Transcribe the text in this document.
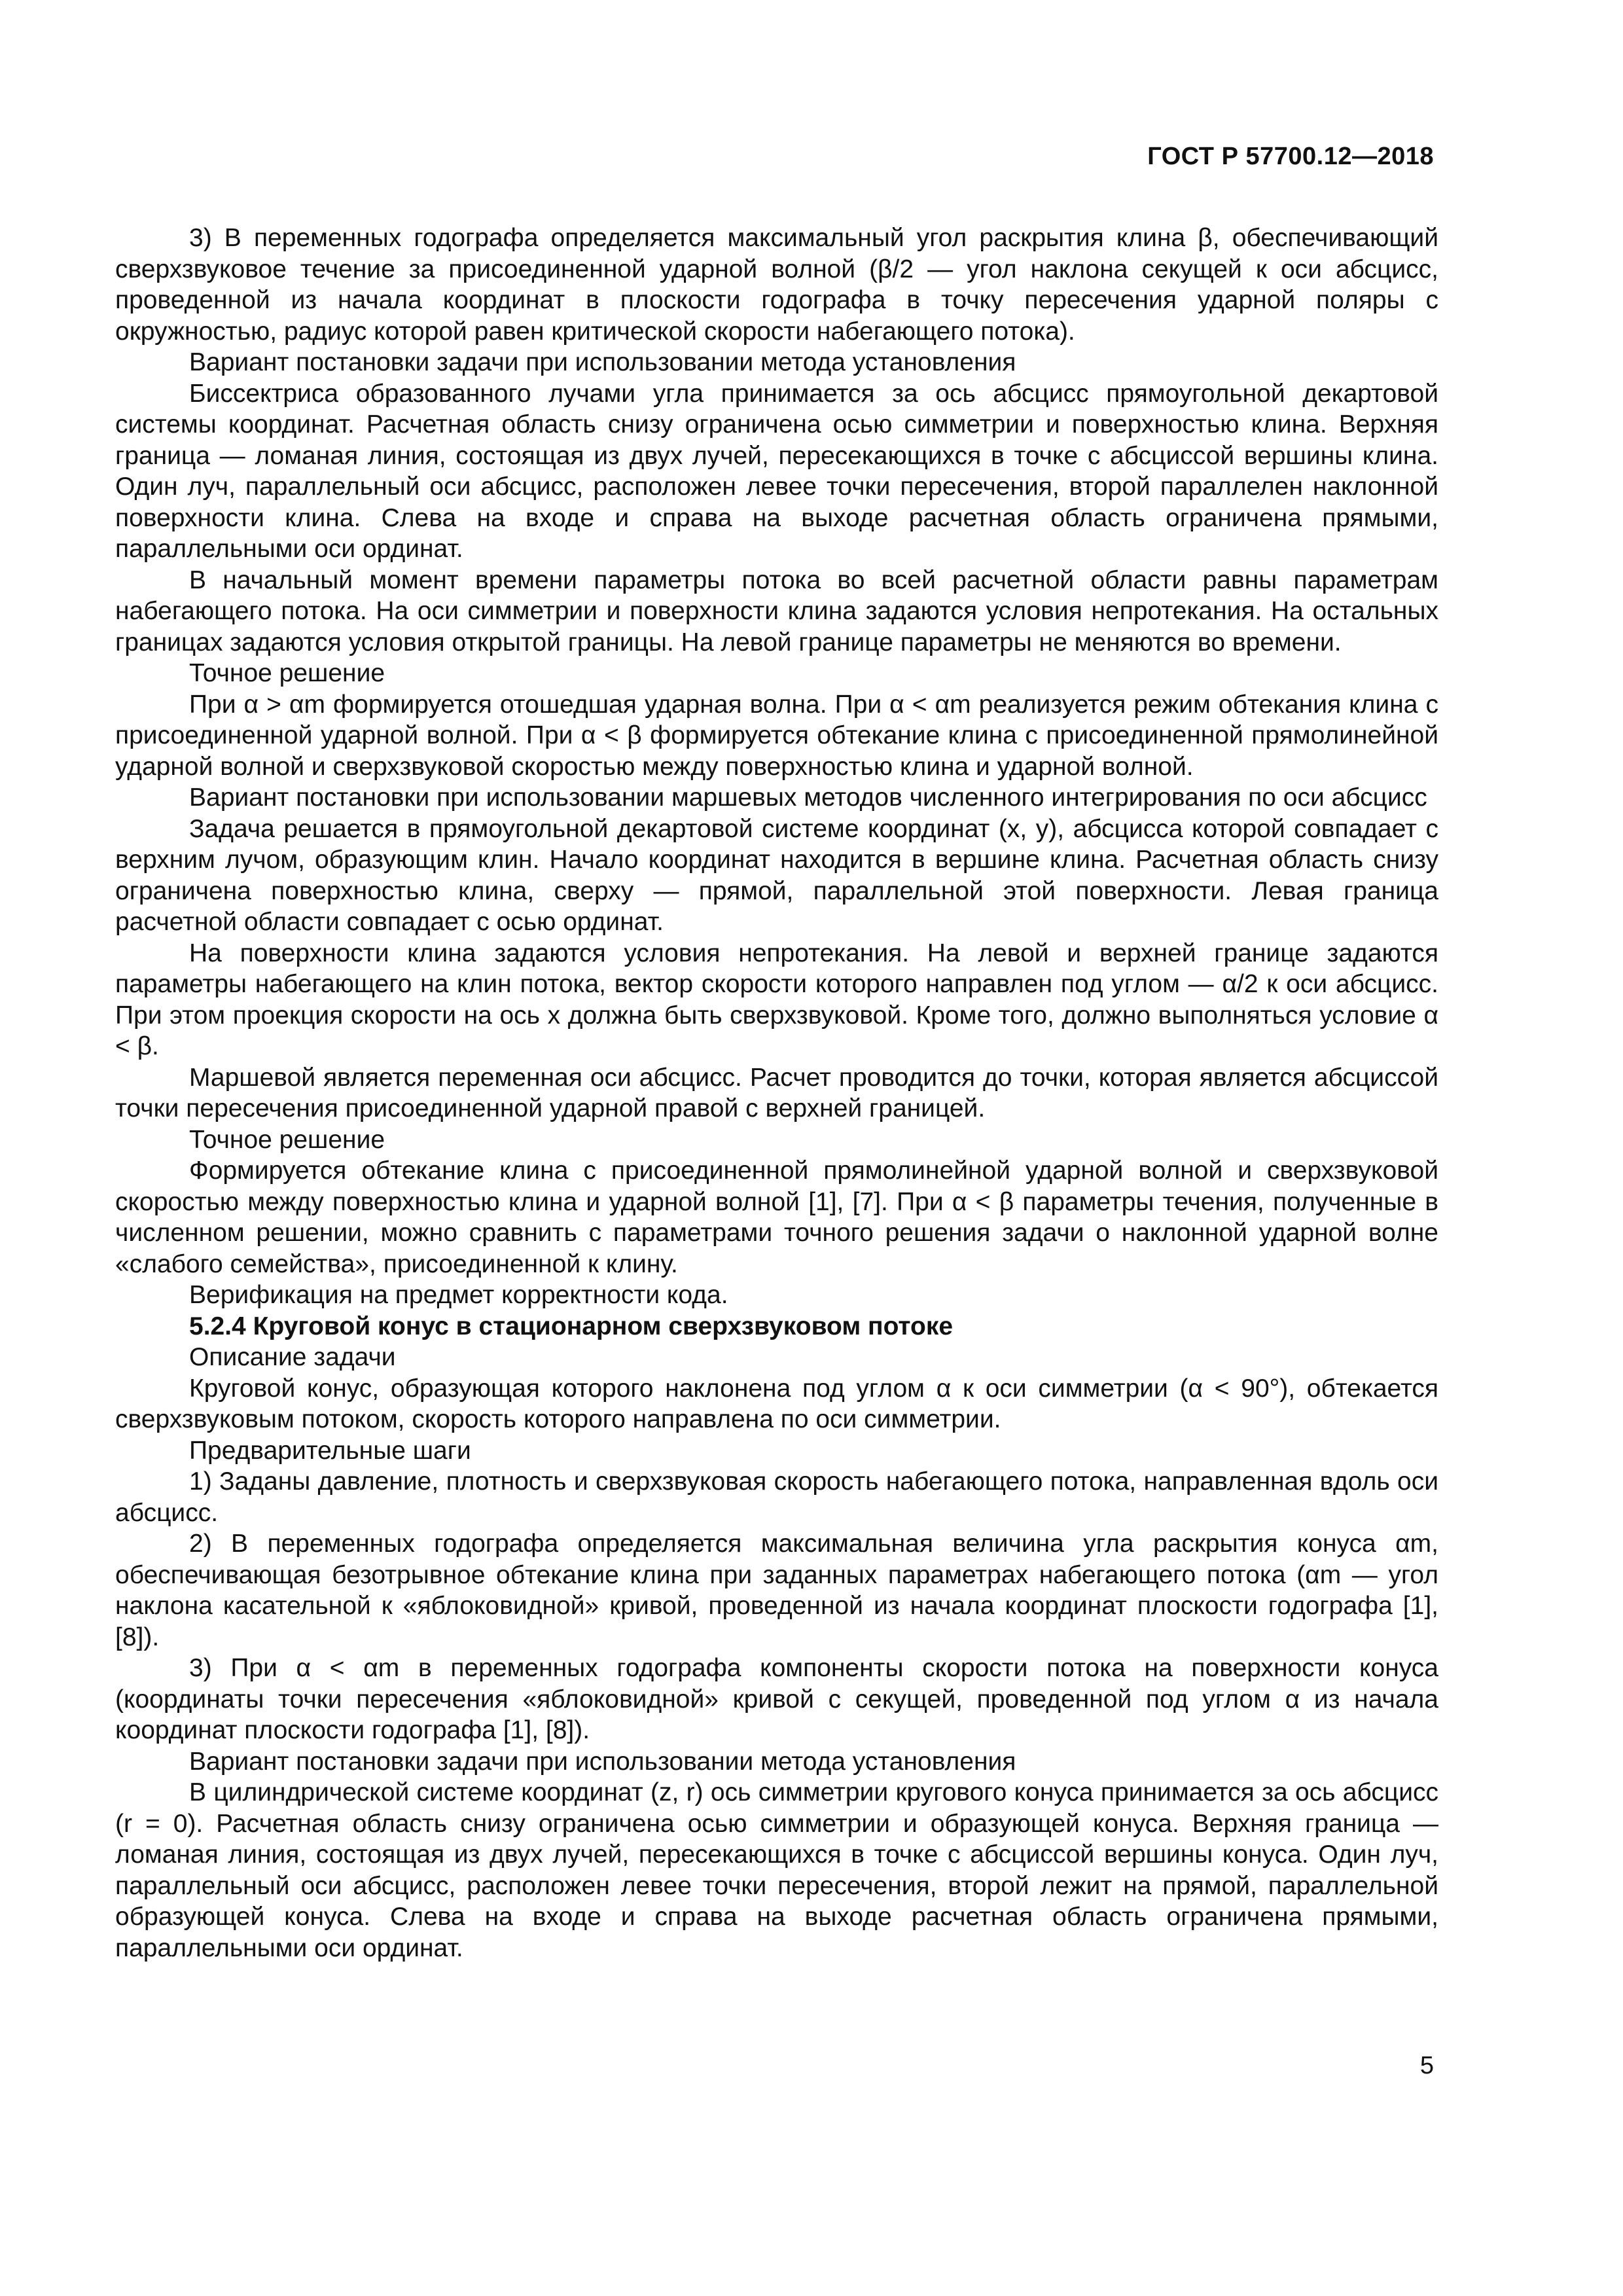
ГОСТ Р 57700.12—2018

3) В переменных годографа определяется максимальный угол раскрытия клина β, обеспечивающий сверхзвуковое течение за присоединенной ударной волной (β/2 — угол наклона секущей к оси абсцисс, проведенной из начала координат в плоскости годографа в точку пересечения ударной поляры с окружностью, радиус которой равен критической скорости набегающего потока).

Вариант постановки задачи при использовании метода установления

Биссектриса образованного лучами угла принимается за ось абсцисс прямоугольной декартовой системы координат. Расчетная область снизу ограничена осью симметрии и поверхностью клина. Верхняя граница — ломаная линия, состоящая из двух лучей, пересекающихся в точке с абсциссой вершины клина. Один луч, параллельный оси абсцисс, расположен левее точки пересечения, второй параллелен наклонной поверхности клина. Слева на входе и справа на выходе расчетная область ограничена прямыми, параллельными оси ординат.

В начальный момент времени параметры потока во всей расчетной области равны параметрам набегающего потока. На оси симметрии и поверхности клина задаются условия непротекания. На остальных границах задаются условия открытой границы. На левой границе параметры не меняются во времени.

Точное решение

При α > αm формируется отошедшая ударная волна. При α < αm реализуется режим обтекания клина с присоединенной ударной волной. При α < β формируется обтекание клина с присоединенной прямолинейной ударной волной и сверхзвуковой скоростью между поверхностью клина и ударной волной.

Вариант постановки при использовании маршевых методов численного интегрирования по оси абсцисс

Задача решается в прямоугольной декартовой системе координат (x, y), абсцисса которой совпадает с верхним лучом, образующим клин. Начало координат находится в вершине клина. Расчетная область снизу ограничена поверхностью клина, сверху — прямой, параллельной этой поверхности. Левая граница расчетной области совпадает с осью ординат.

На поверхности клина задаются условия непротекания. На левой и верхней границе задаются параметры набегающего на клин потока, вектор скорости которого направлен под углом — α/2 к оси абсцисс. При этом проекция скорости на ось x должна быть сверхзвуковой. Кроме того, должно выполняться условие α < β.

Маршевой является переменная оси абсцисс. Расчет проводится до точки, которая является абсциссой точки пересечения присоединенной ударной правой с верхней границей.

Точное решение

Формируется обтекание клина с присоединенной прямолинейной ударной волной и сверхзвуковой скоростью между поверхностью клина и ударной волной [1], [7]. При α < β параметры течения, полученные в численном решении, можно сравнить с параметрами точного решения задачи о наклонной ударной волне «слабого семейства», присоединенной к клину.

Верификация на предмет корректности кода.

5.2.4 Круговой конус в стационарном сверхзвуковом потоке

Описание задачи

Круговой конус, образующая которого наклонена под углом α к оси симметрии (α < 90°), обтекается сверхзвуковым потоком, скорость которого направлена по оси симметрии.

Предварительные шаги

1) Заданы давление, плотность и сверхзвуковая скорость набегающего потока, направленная вдоль оси абсцисс.

2) В переменных годографа определяется максимальная величина угла раскрытия конуса αm, обеспечивающая безотрывное обтекание клина при заданных параметрах набегающего потока (αm — угол наклона касательной к «яблоковидной» кривой, проведенной из начала координат плоскости годографа [1], [8]).

3) При α < αm в переменных годографа компоненты скорости потока на поверхности конуса (координаты точки пересечения «яблоковидной» кривой с секущей, проведенной под углом α из начала координат плоскости годографа [1], [8]).

Вариант постановки задачи при использовании метода установления

В цилиндрической системе координат (z, r) ось симметрии кругового конуса принимается за ось абсцисс (r = 0). Расчетная область снизу ограничена осью симметрии и образующей конуса. Верхняя граница — ломаная линия, состоящая из двух лучей, пересекающихся в точке с абсциссой вершины конуса. Один луч, параллельный оси абсцисс, расположен левее точки пересечения, второй лежит на прямой, параллельной образующей конуса. Слева на входе и справа на выходе расчетная область ограничена прямыми, параллельными оси ординат.

5
